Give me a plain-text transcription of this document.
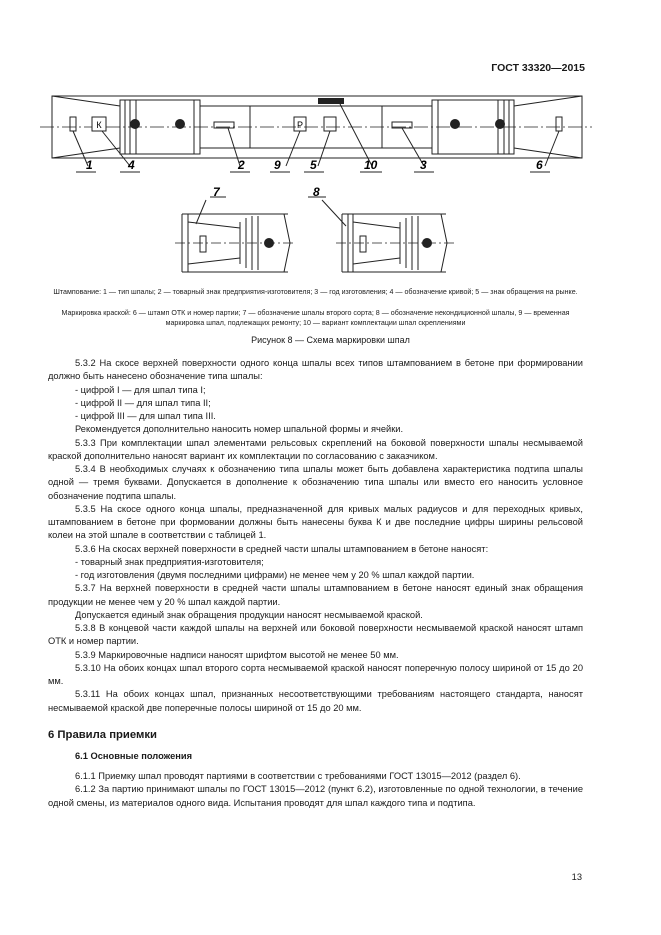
ГОСТ 33320—2015
К	Р
1	4	2 9 5	10	3	6
7	8
Штампование: 1 — тип шпалы; 2 — товарный знак предприятия-изготовителя; 3 — год изготовления; 4 — обозначение кривой; 5 — знак обращения на рынке.
Маркировка краской: 6 — штамп ОТК и номер партии; 7 — обозначение шпалы второго сорта; 8 — обозначение некондиционной шпалы, 9 — временная маркировка шпал, подлежащих ремонту; 10 — вариант комплектации шпал скреплениями
Рисунок 8 — Схема маркировки шпал

5.3.2 На скосе верхней поверхности одного конца шпалы всех типов штампованием в бетоне при формировании должно быть нанесено обозначение типа шпалы:

- цифрой I — для шпал типа I;

- цифрой II — для шпал типа II;

- цифрой III — для шпал типа III.

Рекомендуется дополнительно наносить номер шпальной формы и ячейки.

5.3.3 При комплектации шпал элементами рельсовых скреплений на боковой поверхности шпалы несмываемой краской дополнительно наносят вариант их комплектации по согласованию с заказчиком.

5.3.4 В необходимых случаях к обозначению типа шпалы может быть добавлена характеристика подтипа шпалы одной — тремя буквами. Допускается в дополнение к обозначению типа шпалы или вместо его наносить условное обозначение подтипа шпалы.

5.3.5 На скосе одного конца шпалы, предназначенной для кривых малых радиусов и для переходных кривых, штампованием в бетоне при формовании должны быть нанесены буква К и две последние цифры ширины рельсовой колеи на этой шпале в соответствии с таблицей 1.

5.3.6 На скосах верхней поверхности в средней части шпалы штампованием в бетоне наносят:

- товарный знак предприятия-изготовителя;

- год изготовления (двумя последними цифрами) не менее чем у 20 % шпал каждой партии.

5.3.7 На верхней поверхности в средней части шпалы штампованием в бетоне наносят единый знак обращения продукции не менее чем у 20 % шпал каждой партии.

Допускается единый знак обращения продукции наносят несмываемой краской.

5.3.8 В концевой части каждой шпалы на верхней или боковой поверхности несмываемой краской наносят штамп ОТК и номер партии.

5.3.9 Маркировочные надписи наносят шрифтом высотой не менее 50 мм.

5.3.10 На обоих концах шпал второго сорта несмываемой краской наносят поперечную полосу шириной от 15 до 20 мм.

5.3.11 На обоих концах шпал, признанных несоответствующими требованиям настоящего стандарта, наносят несмываемой краской две поперечные полосы шириной от 15 до 20 мм.

6 Правила приемки
6.1 Основные положения

6.1.1 Приемку шпал проводят партиями в соответствии с требованиями ГОСТ 13015—2012 (раздел 6).

6.1.2 За партию принимают шпалы по ГОСТ 13015—2012 (пункт 6.2), изготовленные по одной технологии, в течение одной смены, из материалов одного вида. Испытания проводят для шпал каждого типа и подтипа.

13
